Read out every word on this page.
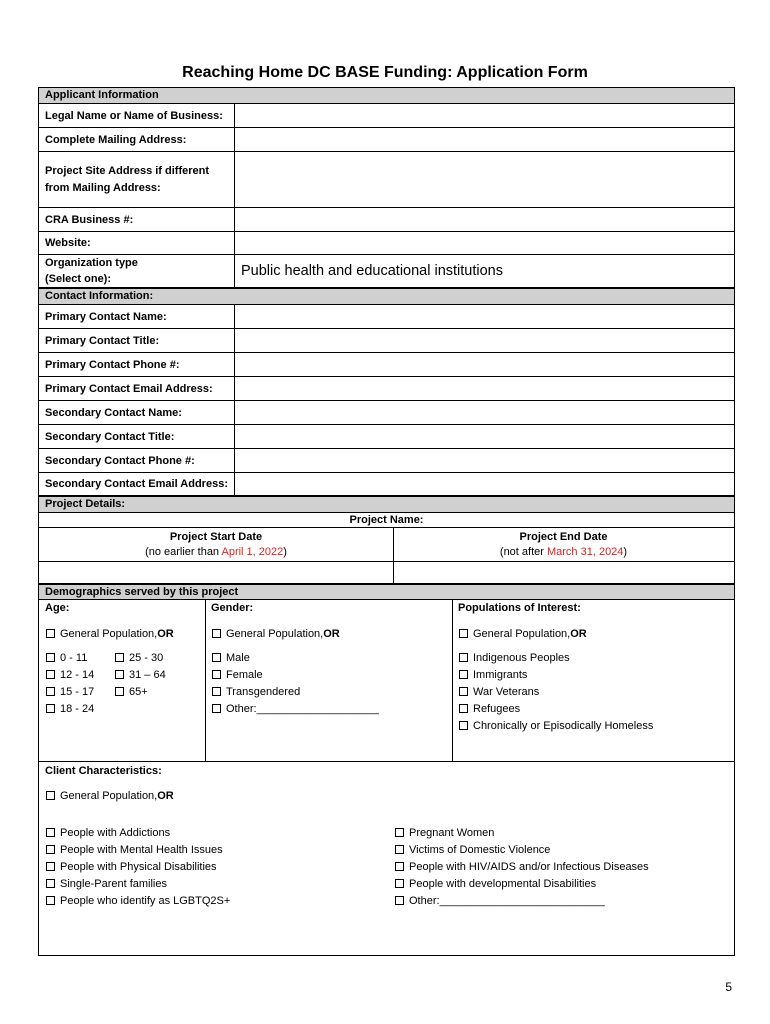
Reaching Home DC BASE Funding: Application Form
Applicant Information
Legal Name or Name of Business:
Complete Mailing Address:
Project Site Address if different from Mailing Address:
CRA Business #:
Website:
Organization type (Select one):	Public health and educational institutions
Contact Information:
Primary Contact Name:
Primary Contact Title:
Primary Contact Phone #:
Primary Contact Email Address:
Secondary Contact Name:
Secondary Contact Title:
Secondary Contact Phone #:
Secondary Contact Email Address:
Project Details:
Project Name:
Project Start Date
(no earlier than April 1, 2022)
Project End Date
(not after March 31, 2024)
Demographics served by this project
Age:
General Population, OR
0 - 11
12 - 14
15 - 17
18 - 24
25 - 30
31 – 64
65+
Gender:
General Population, OR
Male
Female
Transgendered
Other:____________________
Populations of Interest:
General Population, OR
Indigenous Peoples
Immigrants
War Veterans
Refugees
Chronically or Episodically Homeless
Client Characteristics:
General Population, OR
People with Addictions
People with Mental Health Issues
People with Physical Disabilities
Single-Parent families
People who identify as LGBTQ2S+
Pregnant Women
Victims of Domestic Violence
People with HIV/AIDS and/or Infectious Diseases
People with developmental Disabilities
Other:___________________________
5
